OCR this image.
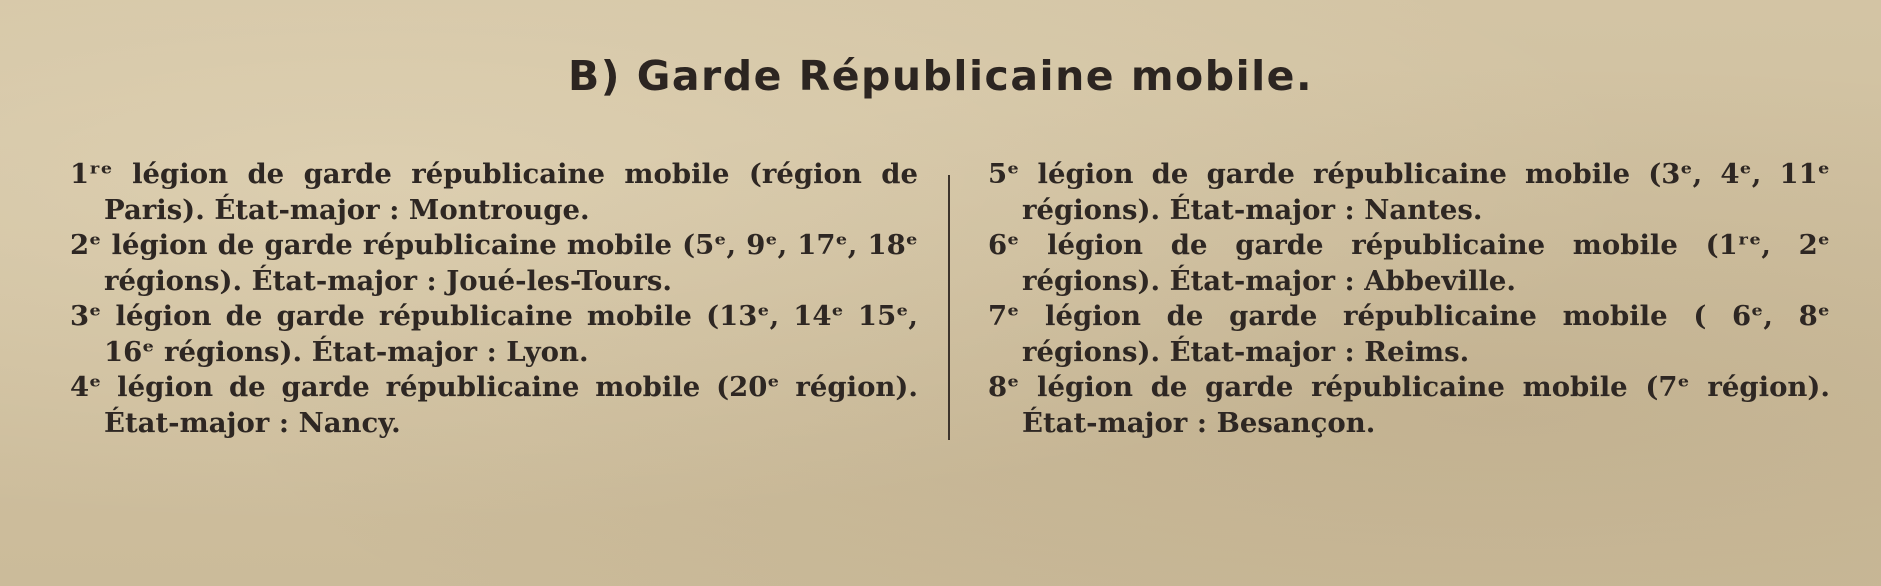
B) Garde Républicaine mobile.

1ʳᵉ légion de garde républicaine mobile (région de Paris). État-major : Montrouge.

2ᵉ légion de garde républicaine mobile (5ᵉ, 9ᵉ, 17ᵉ, 18ᵉ régions). État-major : Joué-les-Tours.

3ᵉ légion de garde républicaine mobile (13ᵉ, 14ᵉ 15ᵉ, 16ᵉ régions). État-major : Lyon.

4ᵉ légion de garde républicaine mobile (20ᵉ région). État-major : Nancy.

5ᵉ légion de garde républicaine mobile (3ᵉ, 4ᵉ, 11ᵉ régions). État-major : Nantes.

6ᵉ légion de garde républicaine mobile (1ʳᵉ, 2ᵉ régions). État-major : Abbeville.

7ᵉ légion de garde républicaine mobile ( 6ᵉ, 8ᵉ régions). État-major : Reims.

8ᵉ légion de garde républicaine mobile (7ᵉ région). État-major : Besançon.
